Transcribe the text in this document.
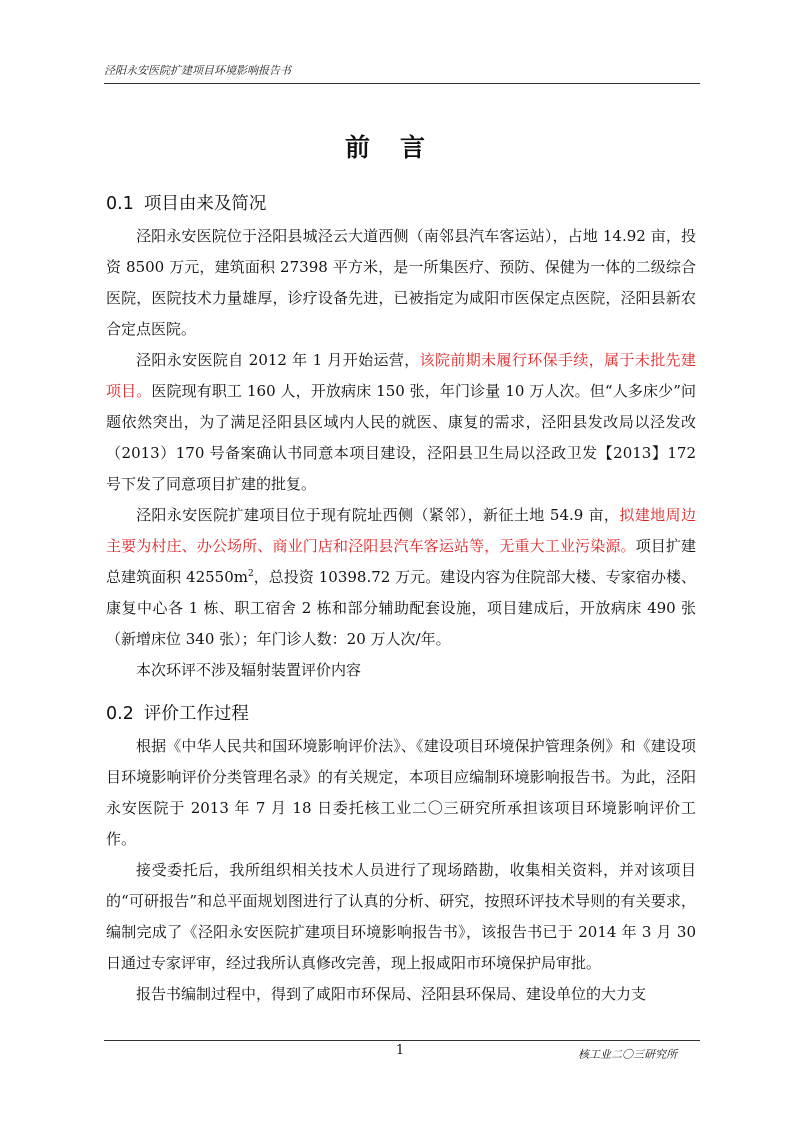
泾阳永安医院扩建项目环境影响报告书
前言
0.1 项目由来及简况
泾阳永安医院位于泾阳县城泾云大道西侧（南邻县汽车客运站），占地 14.92 亩，投资 8500 万元，建筑面积 27398 平方米，是一所集医疗、预防、保健为一体的二级综合医院，医院技术力量雄厚，诊疗设备先进，已被指定为咸阳市医保定点医院，泾阳县新农合定点医院。
泾阳永安医院自 2012 年 1 月开始运营，该院前期未履行环保手续，属于未批先建项目。医院现有职工 160 人，开放病床 150 张，年门诊量 10 万人次。但“人多床少”问题依然突出，为了满足泾阳县区域内人民的就医、康复的需求，泾阳县发改局以泾发改（2013）170 号备案确认书同意本项目建设，泾阳县卫生局以泾政卫发【2013】172 号下发了同意项目扩建的批复。
泾阳永安医院扩建项目位于现有院址西侧（紧邻），新征土地 54.9 亩，拟建地周边主要为村庄、办公场所、商业门店和泾阳县汽车客运站等，无重大工业污染源。项目扩建总建筑面积 $42550m^2$，总投资 10398.72 万元。建设内容为住院部大楼、专家宿办楼、康复中心各 1 栋、职工宿舍 2 栋和部分辅助配套设施，项目建成后，开放病床 490 张（新增床位 340 张）；年门诊人数：20 万人次/年。
本次环评不涉及辐射装置评价内容
0.2 评价工作过程
根据《中华人民共和国环境影响评价法》、《建设项目环境保护管理条例》和《建设项目环境影响评价分类管理名录》的有关规定，本项目应编制环境影响报告书。为此，泾阳永安医院于 2013 年 7 月 18 日委托核工业二〇三研究所承担该项目环境影响评价工作。
接受委托后，我所组织相关技术人员进行了现场踏勘，收集相关资料，并对该项目的“可研报告”和总平面规划图进行了认真的分析、研究，按照环评技术导则的有关要求，编制完成了《泾阳永安医院扩建项目环境影响报告书》，该报告书已于 2014 年 3 月 30 日通过专家评审，经过我所认真修改完善，现上报咸阳市环境保护局审批。
报告书编制过程中，得到了咸阳市环保局、泾阳县环保局、建设单位的大力支
1	核工业二〇三研究所
